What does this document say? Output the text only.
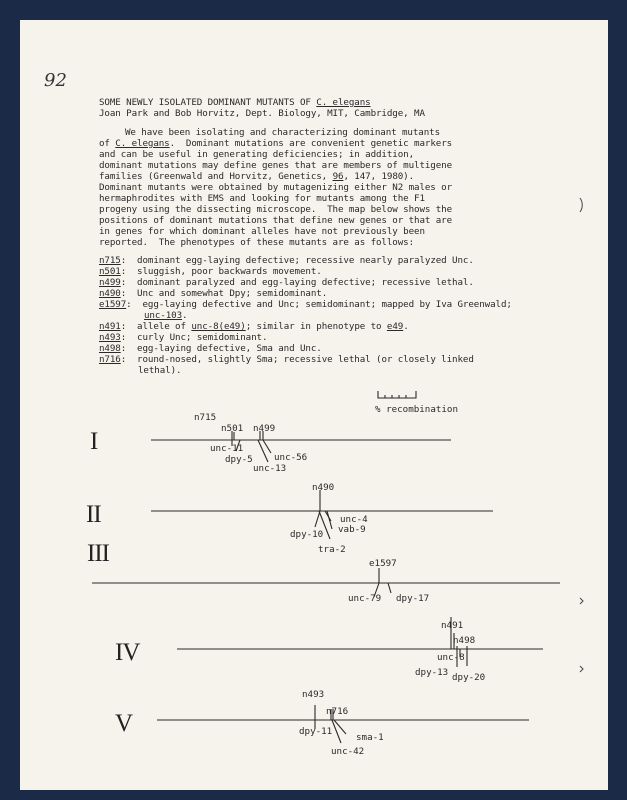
92
SOME NEWLY ISOLATED DOMINANT MUTANTS OF C. elegans
Joan Park and Bob Horvitz, Dept. Biology, MIT, Cambridge, MA
We have been isolating and characterizing dominant mutants
of C. elegans.  Dominant mutations are convenient genetic markers
and can be useful in generating deficiencies; in addition,
dominant mutations may define genes that are members of multigene
families (Greenwald and Horvitz, Genetics, 96, 147, 1980).
Dominant mutants were obtained by mutagenizing either N2 males or
hermaphrodites with EMS and looking for mutants among the F1
progeny using the dissecting microscope.  The map below shows the
positions of dominant mutations that define new genes or that are
in genes for which dominant alleles have not previously been
reported.  The phenotypes of these mutants are as follows:
n715:  dominant egg-laying defective; recessive nearly paralyzed Unc.
n501:  sluggish, poor backwards movement.
n499:  dominant paralyzed and egg-laying defective; recessive lethal.
n490:  Unc and somewhat Dpy; semidominant.
e1597:  egg-laying defective and Unc; semidominant; mapped by Iva Greenwald;
unc-103.
n491:  allele of unc-8(e49); similar in phenotype to e49.
n493:  curly Unc; semidominant.
n498:  egg-laying defective, Sma and Unc.
n716:  round-nosed, slightly Sma; recessive lethal (or closely linked
lethal).
% recombination
I
n715
n501 n499
unc-11
dpy-5
unc-13
unc-56
II
n490
unc-4
vab-9
dpy-10
tra-2
III	e1597
unc-79 dpy-17
IV
n491
n498
unc-8
dpy-13 dpy-20
V
n493
n716
dpy-11
sma-1
unc-42
